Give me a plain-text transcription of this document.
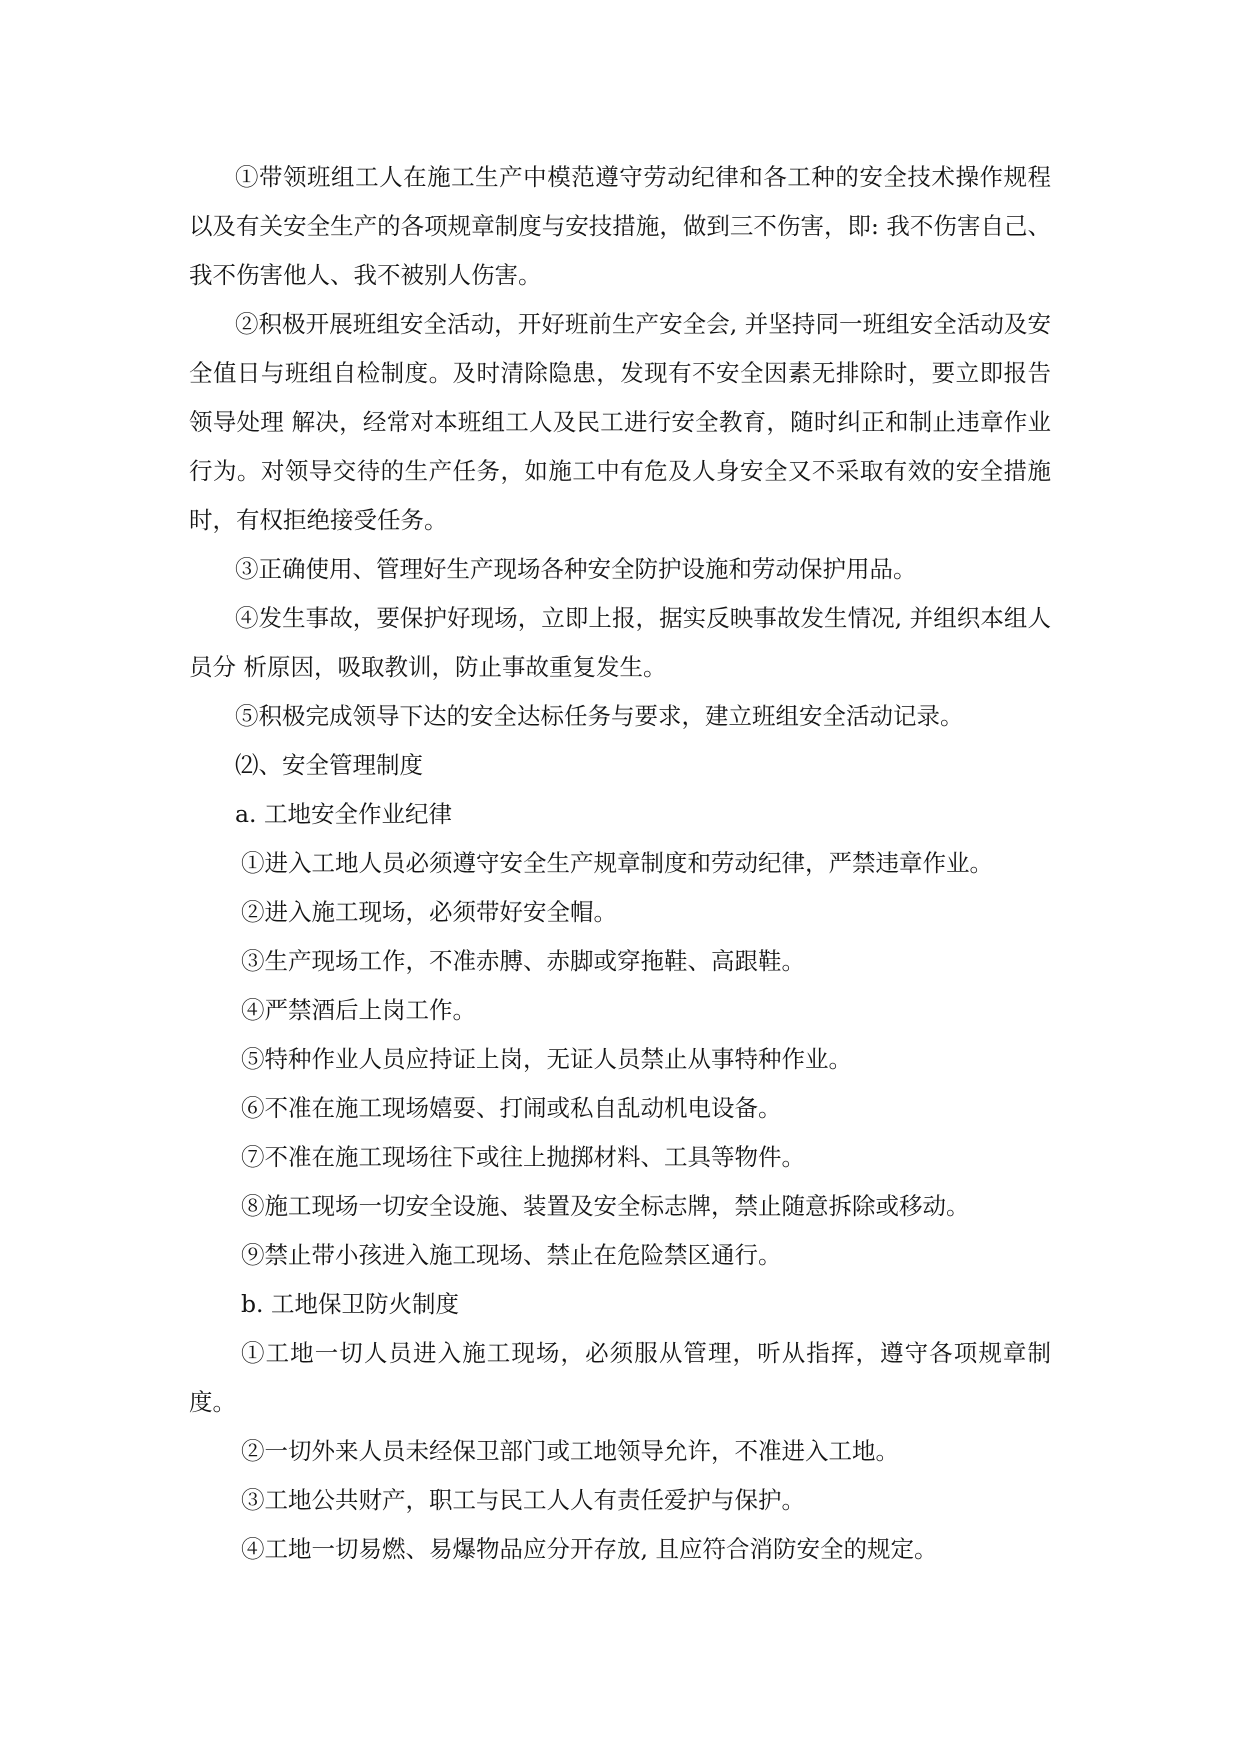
①带领班组工人在施工生产中模范遵守劳动纪律和各工种的安全技术操作规程以及有关安全生产的各项规章制度与安技措施，做到三不伤害，即: 我不伤害自己、我不伤害他人、我不被别人伤害。

②积极开展班组安全活动，开好班前生产安全会, 并坚持同一班组安全活动及安全值日与班组自检制度。及时清除隐患，发现有不安全因素无排除时，要立即报告领导处理 解决，经常对本班组工人及民工进行安全教育，随时纠正和制止违章作业行为。对领导交待的生产任务，如施工中有危及人身安全又不采取有效的安全措施时，有权拒绝接受任务。

③正确使用、管理好生产现场各种安全防护设施和劳动保护用品。

④发生事故，要保护好现场，立即上报，据实反映事故发生情况, 并组织本组人员分 析原因，吸取教训，防止事故重复发生。

⑤积极完成领导下达的安全达标任务与要求，建立班组安全活动记录。

⑵、安全管理制度

a. 工地安全作业纪律

①进入工地人员必须遵守安全生产规章制度和劳动纪律，严禁违章作业。

②进入施工现场，必须带好安全帽。

③生产现场工作，不准赤膊、赤脚或穿拖鞋、高跟鞋。

④严禁酒后上岗工作。

⑤特种作业人员应持证上岗，无证人员禁止从事特种作业。

⑥不准在施工现场嬉耍、打闹或私自乱动机电设备。

⑦不准在施工现场往下或往上抛掷材料、工具等物件。

⑧施工现场一切安全设施、装置及安全标志牌，禁止随意拆除或移动。

⑨禁止带小孩进入施工现场、禁止在危险禁区通行。

b. 工地保卫防火制度

①工地一切人员进入施工现场，必须服从管理，听从指挥，遵守各项规章制度。

②一切外来人员未经保卫部门或工地领导允许，不准进入工地。

③工地公共财产，职工与民工人人有责任爱护与保护。

④工地一切易燃、易爆物品应分开存放, 且应符合消防安全的规定。
